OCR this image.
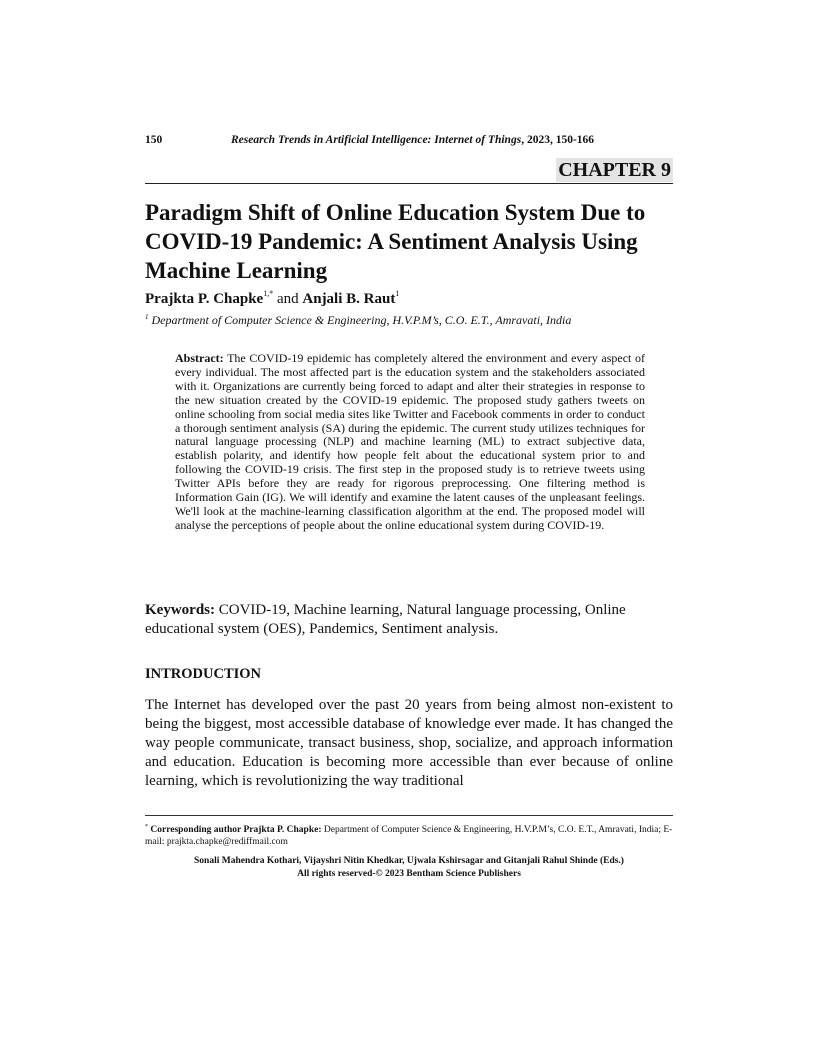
150	Research Trends in Artificial Intelligence: Internet of Things, 2023, 150-166
CHAPTER 9
Paradigm Shift of Online Education System Due to COVID-19 Pandemic: A Sentiment Analysis Using Machine Learning
Prajkta P. Chapke$^{1,*}$ and Anjali B. Raut$^1$
$^1$ Department of Computer Science & Engineering, H.V.P.M’s, C.O. E.T., Amravati, India
Abstract: The COVID-19 epidemic has completely altered the environment and every aspect of every individual. The most affected part is the education system and the stakeholders associated with it. Organizations are currently being forced to adapt and alter their strategies in response to the new situation created by the COVID-19 epidemic. The proposed study gathers tweets on online schooling from social media sites like Twitter and Facebook comments in order to conduct a thorough sentiment analysis (SA) during the epidemic. The current study utilizes techniques for natural language processing (NLP) and machine learning (ML) to extract subjective data, establish polarity, and identify how people felt about the educational system prior to and following the COVID-19 crisis. The first step in the proposed study is to retrieve tweets using Twitter APIs before they are ready for rigorous preprocessing. One filtering method is Information Gain (IG). We will identify and examine the latent causes of the unpleasant feelings. We'll look at the machine-learning classification algorithm at the end. The proposed model will analyse the perceptions of people about the online educational system during COVID-19.
Keywords: COVID-19, Machine learning, Natural language processing, Online educational system (OES), Pandemics, Sentiment analysis.
INTRODUCTION
The Internet has developed over the past 20 years from being almost non-existent to being the biggest, most accessible database of knowledge ever made. It has changed the way people communicate, transact business, shop, socialize, and approach information and education. Education is becoming more accessible than ever because of online learning, which is revolutionizing the way traditional
* Corresponding author Prajkta P. Chapke: Department of Computer Science & Engineering, H.V.P.M’s, C.O. E.T., Amravati, India; E-mail: prajkta.chapke@rediffmail.com
Sonali Mahendra Kothari, Vijayshri Nitin Khedkar, Ujwala Kshirsagar and Gitanjali Rahul Shinde (Eds.)
All rights reserved-© 2023 Bentham Science Publishers
